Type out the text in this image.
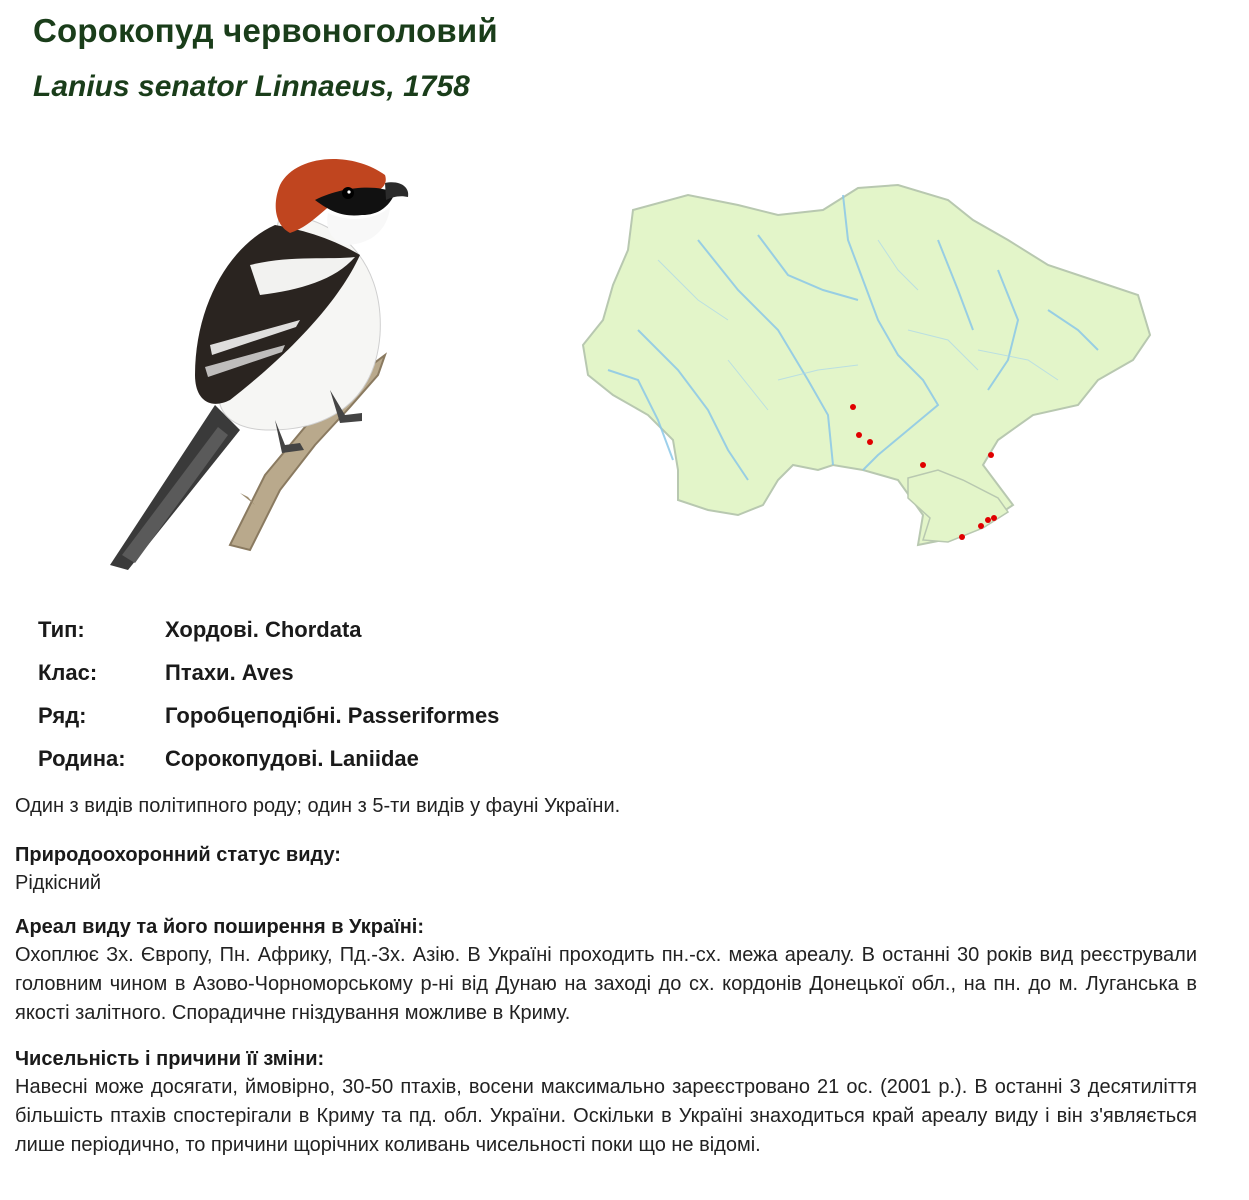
Сорокопуд червоноголовий
Lanius senator Linnaeus, 1758
Тип:	Хордові. Chordata
Клас:	Птахи. Aves
Ряд:	Горобцеподібні. Passeriformes
Родина:	Сорокопудові. Laniidae
Один з видів політипного роду; один з 5-ти видів у фауні України.
Природоохоронний статус виду:

Рідкісний

Ареал виду та його поширення в Україні:

Охоплює Зх. Європу, Пн. Африку, Пд.-Зх. Азію. В Україні проходить пн.-сх. межа ареалу. В останні 30 років вид реєстрували головним чином в Азово-Чорноморському р-ні від Дунаю на заході до сх. кордонів Донецької обл., на пн. до м. Луганська в якості залітного. Спорадичне гніздування можливе в Криму.

Чисельність і причини її зміни:

Навесні може досягати, ймовірно, 30-50 птахів, восени максимально зареєстровано 21 ос. (2001 р.). В останні 3 десятиліття більшість птахів спостерігали в Криму та пд. обл. України. Оскільки в Україні знаходиться край ареалу виду і він з'являється лише періодично, то причини щорічних коливань чисельності поки що не відомі.
